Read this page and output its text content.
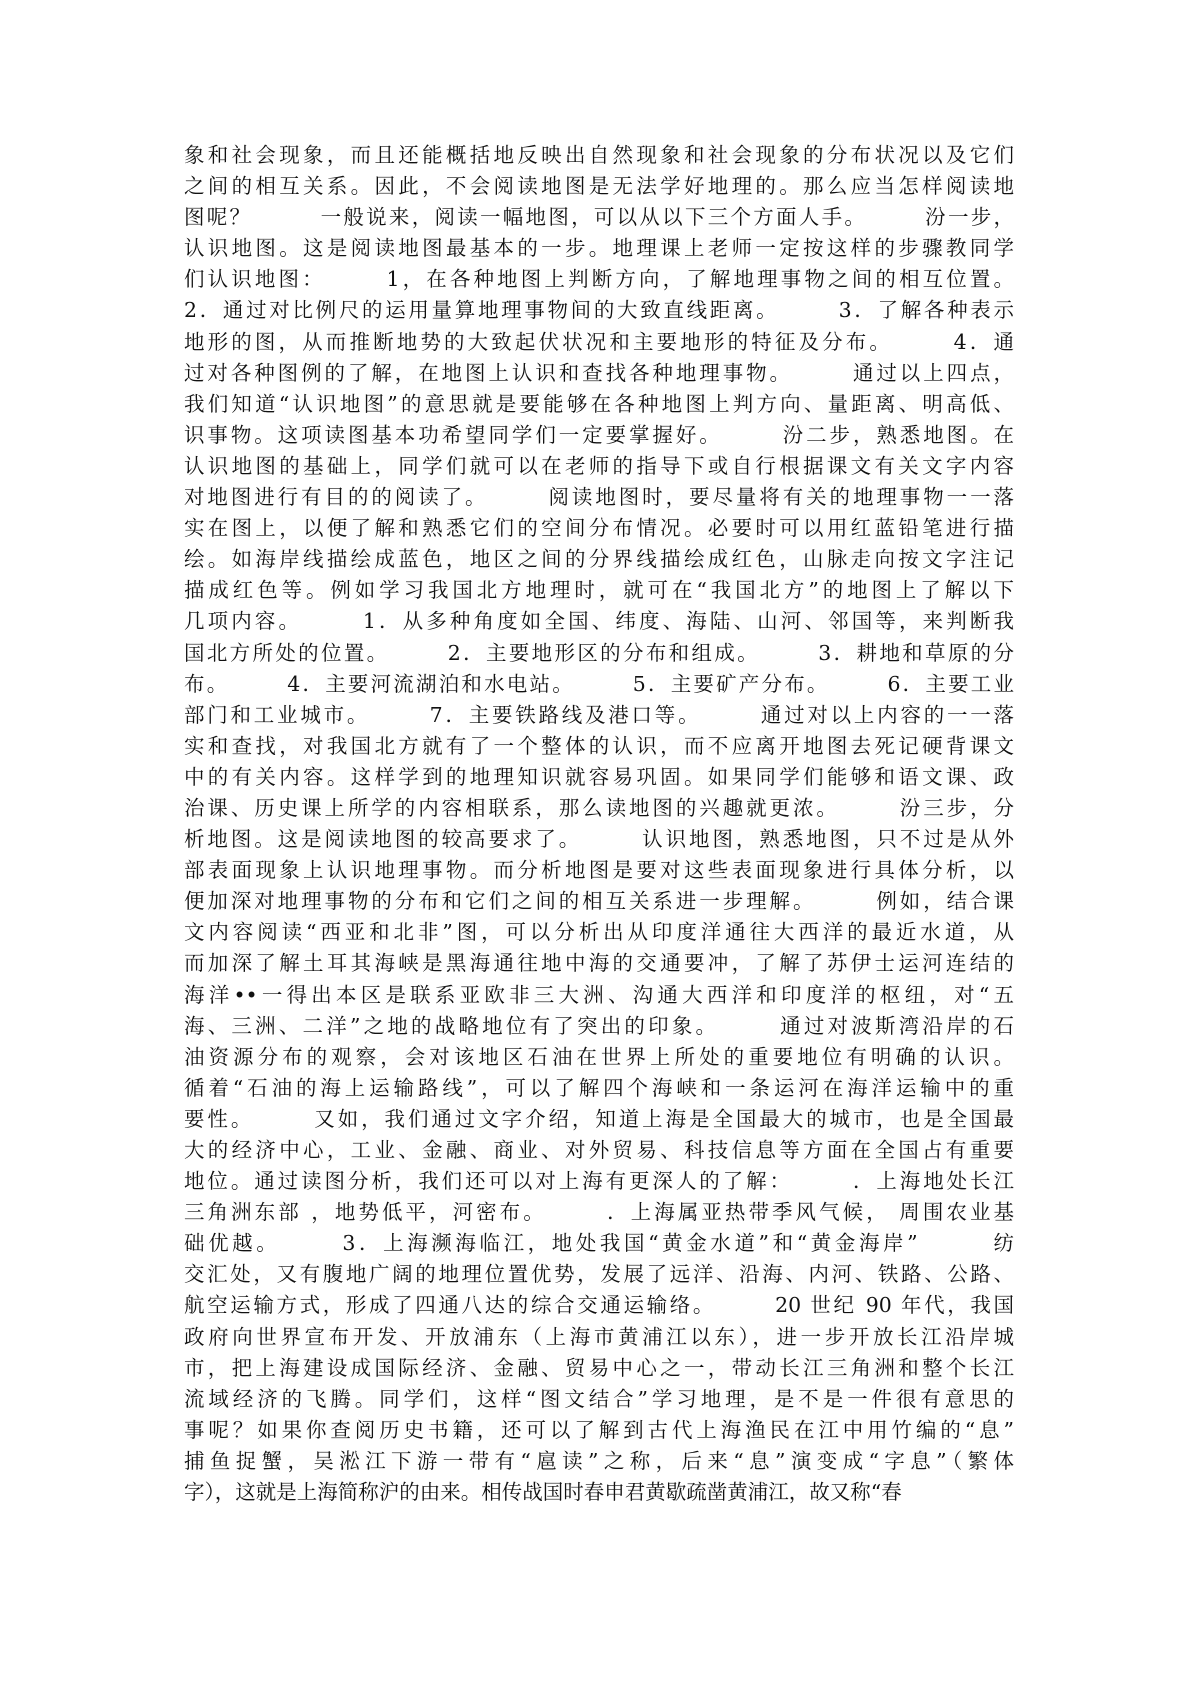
象和社会现象，而且还能概括地反映出自然现象和社会现象的分布状况以及它们
之间的相互关系。因此，不会阅读地图是无法学好地理的。那么应当怎样阅读地
图呢？　　　一般说来，阅读一幅地图，可以从以下三个方面人手。　　　汾一步，
认识地图。这是阅读地图最基本的一步。地理课上老师一定按这样的步骤教同学
们认识地图：　　　1，在各种地图上判断方向，了解地理事物之间的相互位置。
2．通过对比例尺的运用量算地理事物间的大致直线距离。　　　3．了解各种表示
地形的图，从而推断地势的大致起伏状况和主要地形的特征及分布。　　　4．通
过对各种图例的了解，在地图上认识和查找各种地理事物。　　　通过以上四点，
我们知道“认识地图”的意思就是要能够在各种地图上判方向、量距离、明高低、
识事物。这项读图基本功希望同学们一定要掌握好。　　　汾二步，熟悉地图。在
认识地图的基础上，同学们就可以在老师的指导下或自行根据课文有关文字内容
对地图进行有目的的阅读了。　　　阅读地图时，要尽量将有关的地理事物一一落
实在图上，以便了解和熟悉它们的空间分布情况。必要时可以用红蓝铅笔进行描
绘。如海岸线描绘成蓝色，地区之间的分界线描绘成红色，山脉走向按文字注记
描成红色等。例如学习我国北方地理时，就可在“我国北方”的地图上了解以下
几项内容。　　　1．从多种角度如全国、纬度、海陆、山河、邻国等，来判断我
国北方所处的位置。　　　2．主要地形区的分布和组成。　　　3．耕地和草原的分
布。　　　4．主要河流湖泊和水电站。　　　5．主要矿产分布。　　　6．主要工业
部门和工业城市。　　　7．主要铁路线及港口等。　　　通过对以上内容的一一落
实和查找，对我国北方就有了一个整体的认识，而不应离开地图去死记硬背课文
中的有关内容。这样学到的地理知识就容易巩固。如果同学们能够和语文课、政
治课、历史课上所学的内容相联系，那么读地图的兴趣就更浓。　　　汾三步，分
析地图。这是阅读地图的较高要求了。　　　认识地图，熟悉地图，只不过是从外
部表面现象上认识地理事物。而分析地图是要对这些表面现象进行具体分析，以
便加深对地理事物的分布和它们之间的相互关系进一步理解。　　　例如，结合课
文内容阅读“西亚和北非”图，可以分析出从印度洋通往大西洋的最近水道，从
而加深了解土耳其海峡是黑海通往地中海的交通要冲，了解了苏伊士运河连结的
海洋••一得出本区是联系亚欧非三大洲、沟通大西洋和印度洋的枢纽，对“五
海、三洲、二洋”之地的战略地位有了突出的印象。　　　通过对波斯湾沿岸的石
油资源分布的观察，会对该地区石油在世界上所处的重要地位有明确的认识。
循着“石油的海上运输路线”，可以了解四个海峡和一条运河在海洋运输中的重
要性。　　　又如，我们通过文字介绍，知道上海是全国最大的城市，也是全国最
大的经济中心，工业、金融、商业、对外贸易、科技信息等方面在全国占有重要
地位。通过读图分析，我们还可以对上海有更深人的了解：　　　．上海地处长江
三角洲东部 ，地势低平，河密布。　　　．上海属亚热带季风气候， 周围农业基
础优越。　　　3．上海濒海临江，地处我国“黄金水道”和“黄金海岸”　　　纺
交汇处，又有腹地广阔的地理位置优势，发展了远洋、沿海、内河、铁路、公路、
航空运输方式，形成了四通八达的综合交通运输络。　　　20 世纪 90 年代，我国
政府向世界宣布开发、开放浦东（上海市黄浦江以东），进一步开放长江沿岸城
市，把上海建设成国际经济、金融、贸易中心之一，带动长江三角洲和整个长江
流域经济的飞腾。同学们，这样“图文结合”学习地理，是不是一件很有意思的
事呢？如果你查阅历史书籍，还可以了解到古代上海渔民在江中用竹编的“息”
捕鱼捉蟹，吴淞江下游一带有“扈读”之称，后来“息”演变成“字息”（繁体
字），这就是上海简称沪的由来。相传战国时春申君黄歇疏凿黄浦江，故又称“春
